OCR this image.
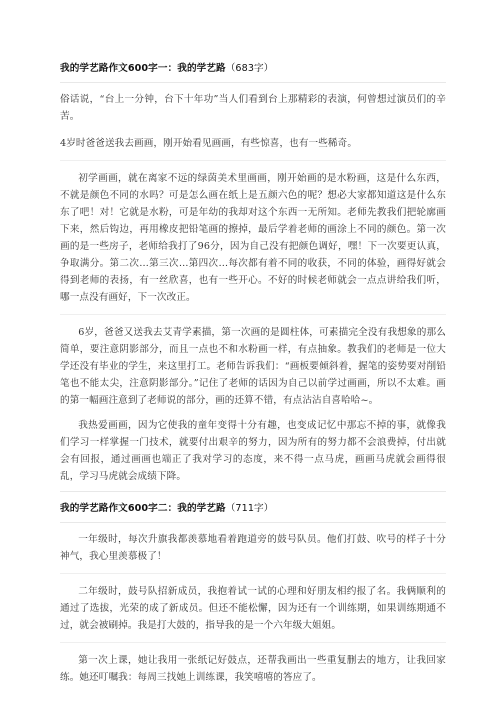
我的学艺路作文600字一：我的学艺路（683字）

俗话说，“台上一分钟，台下十年功”当人们看到台上那精彩的表演，何曾想过演员们的辛苦。

4岁时爸爸送我去画画，刚开始看见画画，有些惊喜，也有一些稀奇。

初学画画，就在离家不远的绿茵美术里画画，刚开始画的是水粉画，这是什么东西，不就是颜色不同的水吗？可是怎么画在纸上是五颜六色的呢？想必大家都知道这是什么东东了吧！对！它就是水粉，可是年幼的我却对这个东西一无所知。老师先教我们把轮廓画下来，然后钩边，再用橡皮把铅笔画的擦掉，最后学着老师的画涂上不同的颜色。第一次画的是一些房子，老师给我打了96分，因为自己没有把颜色调好，嘿！下一次要更认真，争取满分。第二次…第三次…第四次…每次都有着不同的收获，不同的体验，画得好就会得到老师的表扬，有一丝欣喜，也有一些开心。不好的时候老师就会一点点讲给我们听，哪一点没有画好，下一次改正。

6岁，爸爸又送我去艾青学素描，第一次画的是圆柱体，可素描完全没有我想象的那么简单，要注意阴影部分，而且一点也不和水粉画一样，有点抽象。教我们的老师是一位大学还没有毕业的学生，来这里打工。老师告诉我们：“画板要倾斜着，握笔的姿势要对削铅笔也不能太尖，注意阴影部分。”记住了老师的话因为自己以前学过画画，所以不太难。画的第一幅画注意到了老师说的部分，画的还算不错，有点沾沾自喜哈哈~。

我热爱画画，因为它使我的童年变得十分有趣，也变成记忆中那忘不掉的事，就像我们学习一样掌握一门技术，就要付出艰辛的努力，因为所有的努力都不会浪费掉，付出就会有回报，通过画画也端正了我对学习的态度，来不得一点马虎，画画马虎就会画得很乱，学习马虎就会成绩下降。

我的学艺路作文600字二：我的学艺路（711字）

一年级时，每次升旗我都羡慕地看着跑道旁的鼓号队员。他们打鼓、吹号的样子十分神气，我心里羡慕极了！

二年级时，鼓号队招新成员，我抱着试一试的心理和好朋友相约报了名。我俩顺利的通过了选拔，光荣的成了新成员。但还不能松懈，因为还有一个训练期，如果训练期通不过，就会被刷掉。我是打大鼓的，指导我的是一个六年级大姐姐。

第一次上课，她让我用一张纸记好鼓点，还帮我画出一些重复删去的地方，让我回家练。她还叮嘱我：每周三找她上训练课，我笑嘻嘻的答应了。
